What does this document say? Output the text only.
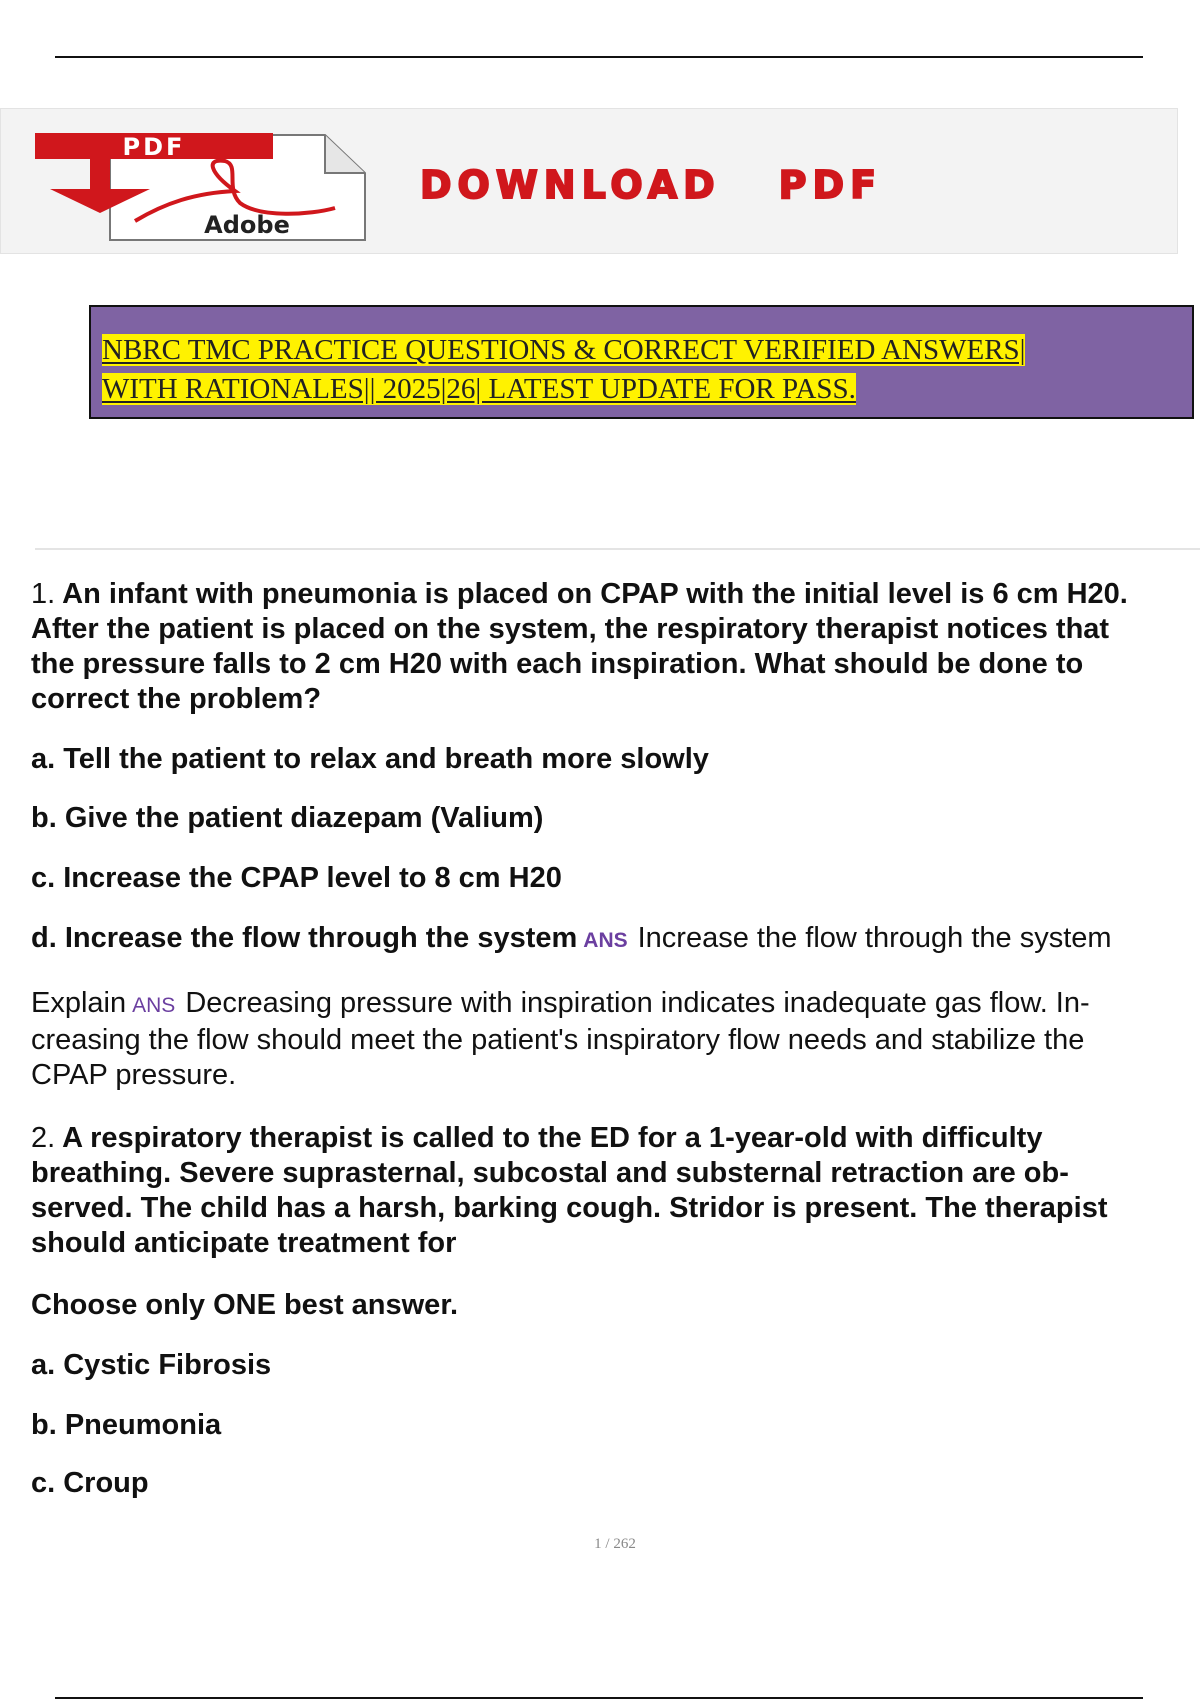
PDF
Adobe
DOWNLOAD PDF
NBRC TMC PRACTICE QUESTIONS & CORRECT VERIFIED ANSWERS|
WITH RATIONALES|| 2025|26| LATEST UPDATE FOR PASS.
1. An infant with pneumonia is placed on CPAP with the initial level is 6 cm H20.
After the patient is placed on the system, the respiratory therapist notices that
the pressure falls to 2 cm H20 with each inspiration. What should be done to
correct the problem?
a. Tell the patient to relax and breath more slowly
b. Give the patient diazepam (Valium)
c. Increase the CPAP level to 8 cm H20
d. Increase the flow through the system ANS Increase the flow through the system
Explain ANS Decreasing pressure with inspiration indicates inadequate gas flow. In-
creasing the flow should meet the patient's inspiratory flow needs and stabilize the
CPAP pressure.
2. A respiratory therapist is called to the ED for a 1-year-old with difficulty
breathing. Severe suprasternal, subcostal and substernal retraction are ob-
served. The child has a harsh, barking cough. Stridor is present. The therapist
should anticipate treatment for
Choose only ONE best answer.
a. Cystic Fibrosis
b. Pneumonia
c. Croup
1 / 262
